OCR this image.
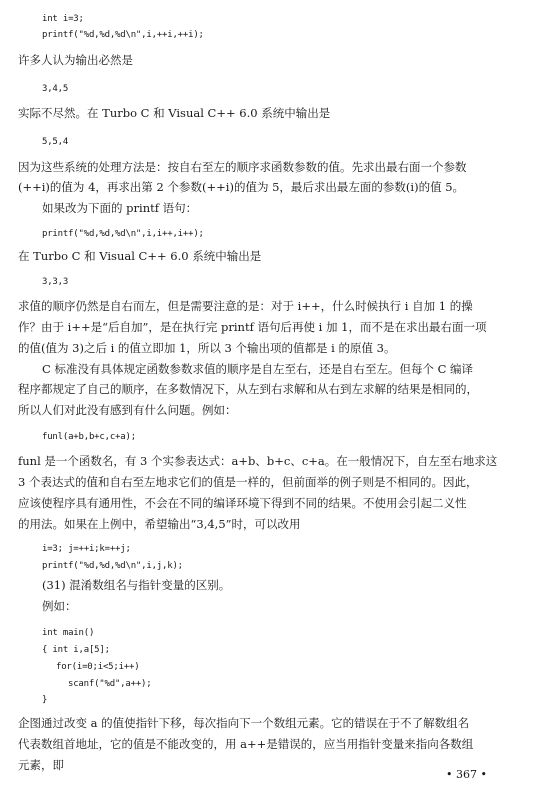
int i=3;
printf("%d,%d,%d\n",i,++i,++i);
许多人认为输出必然是
3,4,5
实际不尽然。在 Turbo C 和 Visual C++ 6.0 系统中输出是
5,5,4
因为这些系统的处理方法是：按自右至左的顺序求函数参数的值。先求出最右面一个参数
(++i)的值为 4，再求出第 2 个参数(++i)的值为 5，最后求出最左面的参数(i)的值 5。
如果改为下面的 printf 语句：
printf("%d,%d,%d\n",i,i++,i++);
在 Turbo C 和 Visual C++ 6.0 系统中输出是
3,3,3
求值的顺序仍然是自右而左，但是需要注意的是：对于 i++，什么时候执行 i 自加 1 的操
作？由于 i++是“后自加”，是在执行完 printf 语句后再使 i 加 1，而不是在求出最右面一项
的值(值为 3)之后 i 的值立即加 1，所以 3 个输出项的值都是 i 的原值 3。
C 标准没有具体规定函数参数求值的顺序是自左至右，还是自右至左。但每个 C 编译
程序都规定了自己的顺序，在多数情况下，从左到右求解和从右到左求解的结果是相同的，
所以人们对此没有感到有什么问题。例如：
funl(a+b,b+c,c+a);
funl 是一个函数名，有 3 个实参表达式：a+b、b+c、c+a。在一般情况下，自左至右地求这
3 个表达式的值和自右至左地求它们的值是一样的，但前面举的例子则是不相同的。因此，
应该使程序具有通用性，不会在不同的编译环境下得到不同的结果。不使用会引起二义性
的用法。如果在上例中，希望输出“3,4,5”时，可以改用
i=3; j=++i;k=++j;
printf("%d,%d,%d\n",i,j,k);
(31) 混淆数组名与指针变量的区别。
例如：
int main()
{ int i,a[5];
for(i=0;i<5;i++)
scanf("%d",a++);
}
企图通过改变 a 的值使指针下移，每次指向下一个数组元素。它的错误在于不了解数组名
代表数组首地址，它的值是不能改变的，用 a++是错误的，应当用指针变量来指向各数组
元素，即
• 367 •
